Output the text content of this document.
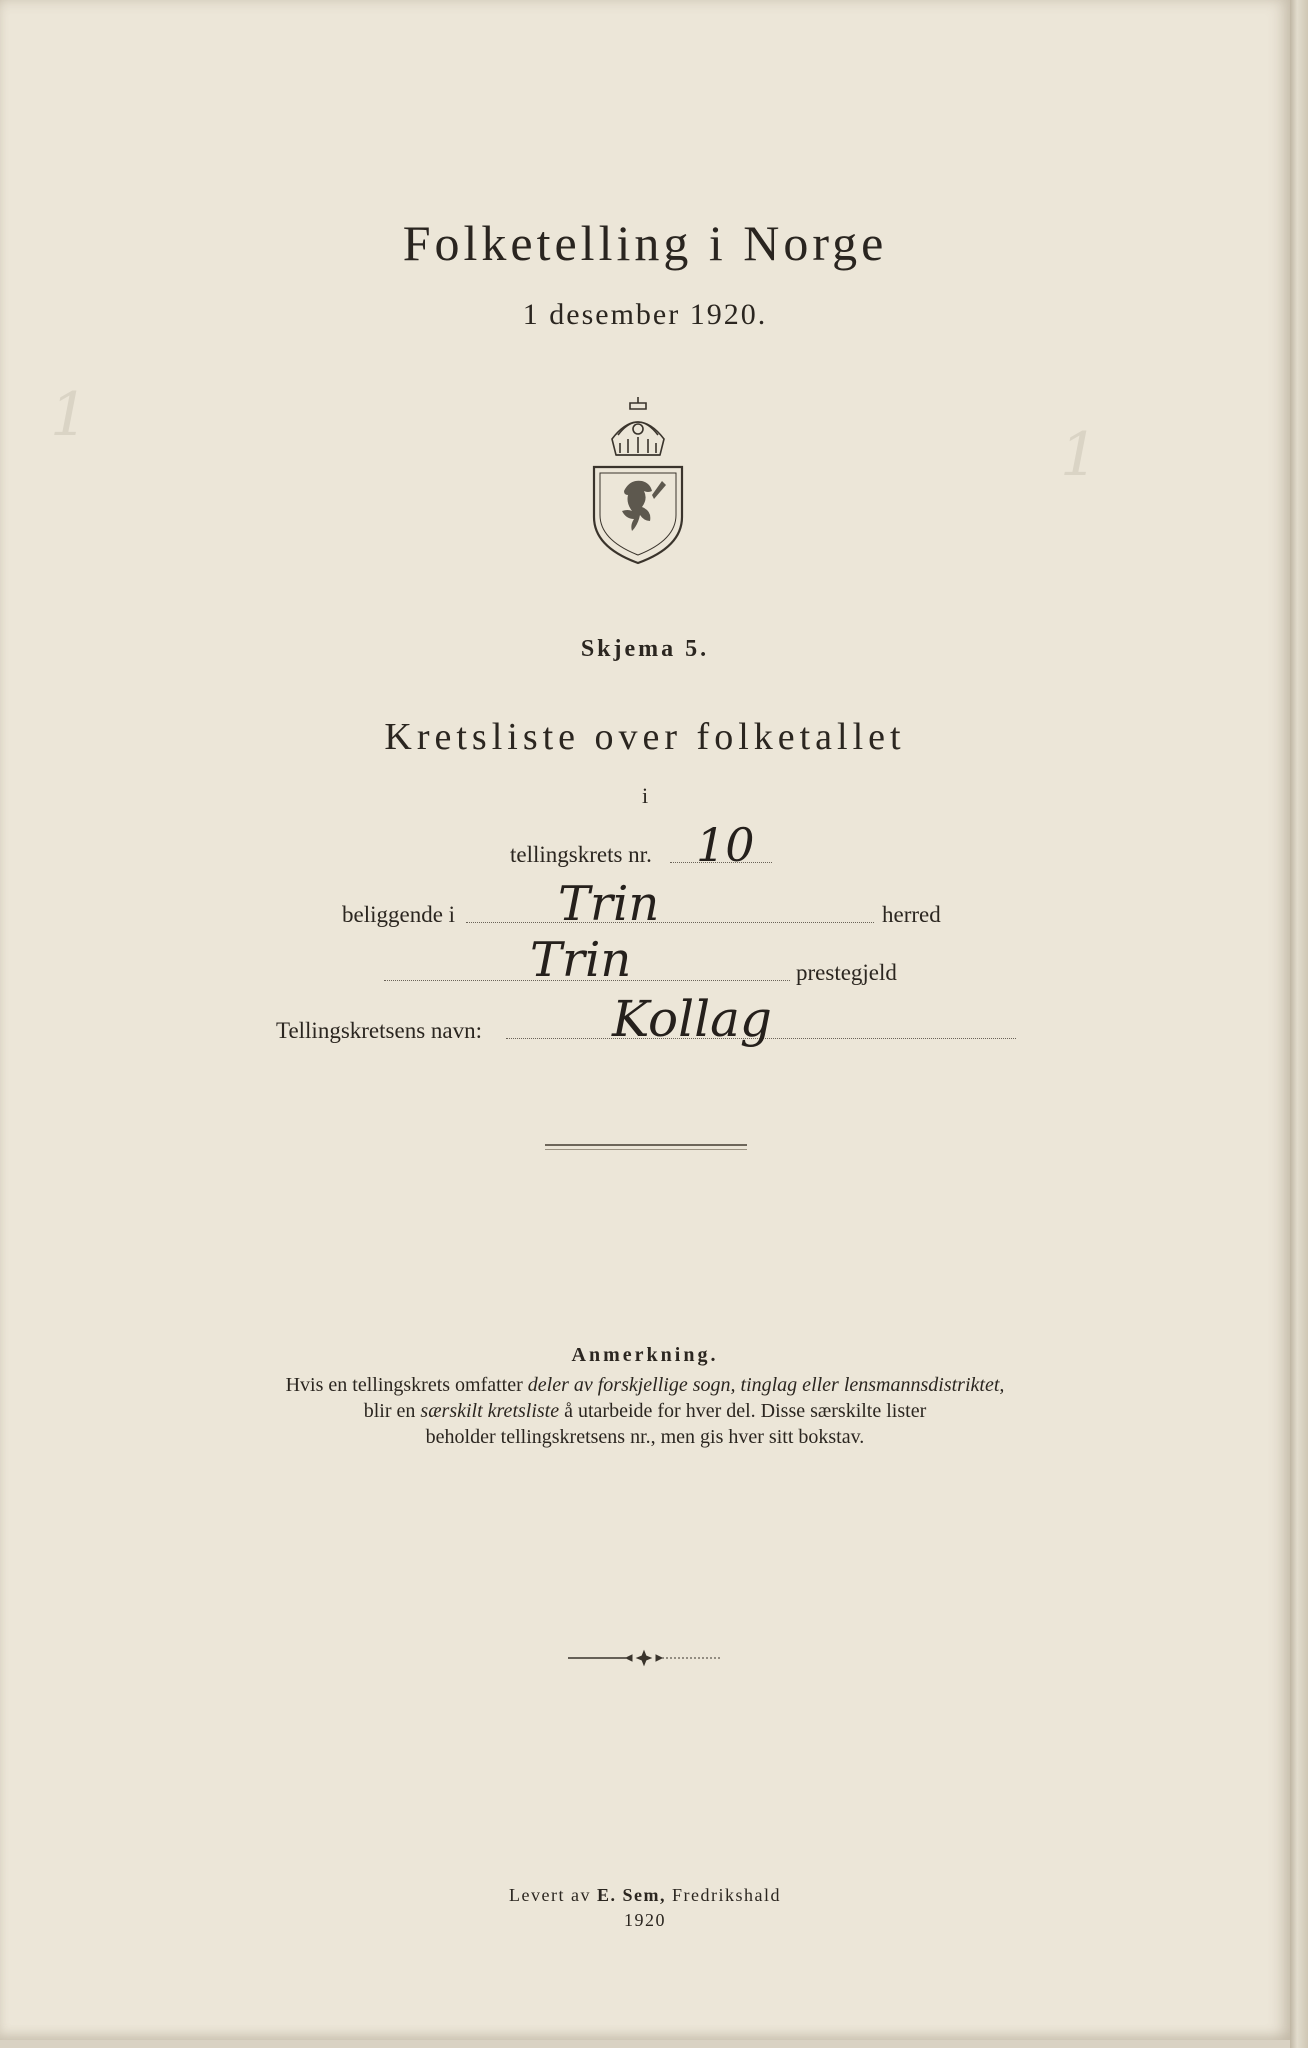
1
1
Folketelling i Norge
1 desember 1920.
Skjema 5.
Kretsliste over folketallet
i
tellingskrets nr. 10
beliggende i Trin	herred
Trin	prestegjeld
Tellingskretsens navn:	Kollag
Anmerkning.
Hvis en tellingskrets omfatter deler av forskjellige sogn, tinglag eller lensmannsdistriktet,
blir en særskilt kretsliste å utarbeide for hver del. Disse særskilte lister
beholder tellingskretsens nr., men gis hver sitt bokstav.
Levert av E. Sem, Fredrikshald
1920
